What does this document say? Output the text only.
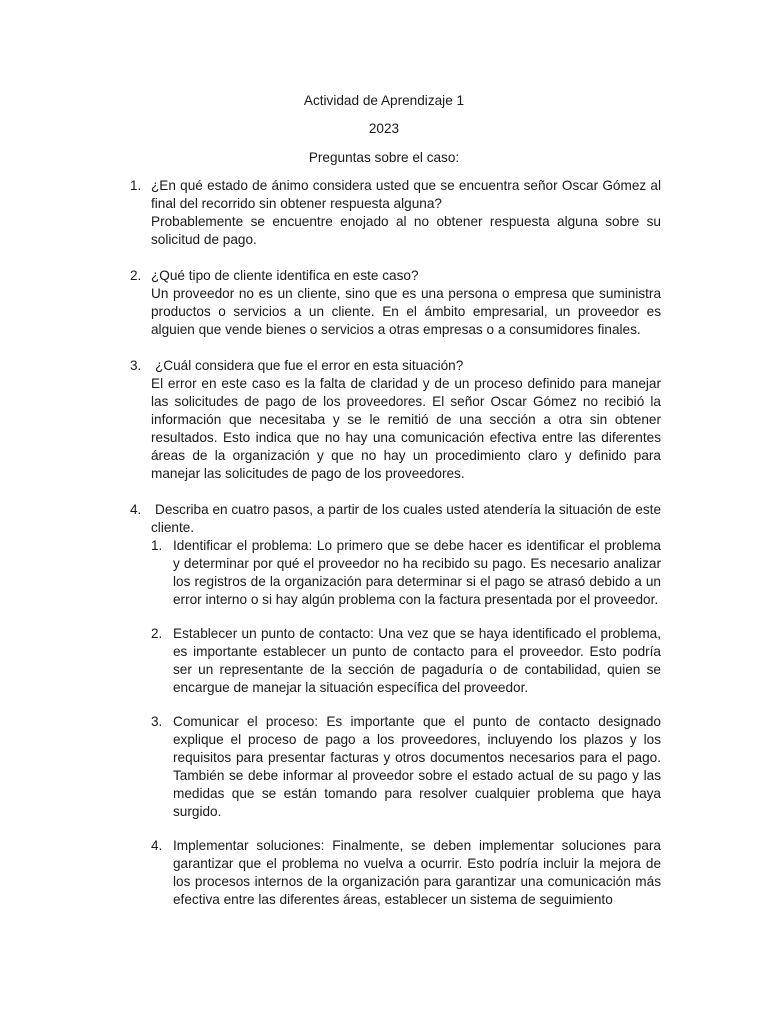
Actividad de Aprendizaje 1

2023

Preguntas sobre el caso:

1. ¿En qué estado de ánimo considera usted que se encuentra señor Oscar Gómez al final del recorrido sin obtener respuesta alguna?
Probablemente se encuentre enojado al no obtener respuesta alguna sobre su solicitud de pago.
2. ¿Qué tipo de cliente identifica en este caso?
Un proveedor no es un cliente, sino que es una persona o empresa que suministra productos o servicios a un cliente. En el ámbito empresarial, un proveedor es alguien que vende bienes o servicios a otras empresas o a consumidores finales.
3. ¿Cuál considera que fue el error en esta situación?
El error en este caso es la falta de claridad y de un proceso definido para manejar las solicitudes de pago de los proveedores. El señor Oscar Gómez no recibió la información que necesitaba y se le remitió de una sección a otra sin obtener resultados. Esto indica que no hay una comunicación efectiva entre las diferentes áreas de la organización y que no hay un procedimiento claro y definido para manejar las solicitudes de pago de los proveedores.
4. Describa en cuatro pasos, a partir de los cuales usted atendería la situación de este cliente.
1. Identificar el problema: Lo primero que se debe hacer es identificar el problema y determinar por qué el proveedor no ha recibido su pago. Es necesario analizar los registros de la organización para determinar si el pago se atrasó debido a un error interno o si hay algún problema con la factura presentada por el proveedor.
2. Establecer un punto de contacto: Una vez que se haya identificado el problema, es importante establecer un punto de contacto para el proveedor. Esto podría ser un representante de la sección de pagaduría o de contabilidad, quien se encargue de manejar la situación específica del proveedor.
3. Comunicar el proceso: Es importante que el punto de contacto designado explique el proceso de pago a los proveedores, incluyendo los plazos y los requisitos para presentar facturas y otros documentos necesarios para el pago. También se debe informar al proveedor sobre el estado actual de su pago y las medidas que se están tomando para resolver cualquier problema que haya surgido.
4. Implementar soluciones: Finalmente, se deben implementar soluciones para garantizar que el problema no vuelva a ocurrir. Esto podría incluir la mejora de los procesos internos de la organización para garantizar una comunicación más efectiva entre las diferentes áreas, establecer un sistema de seguimiento
